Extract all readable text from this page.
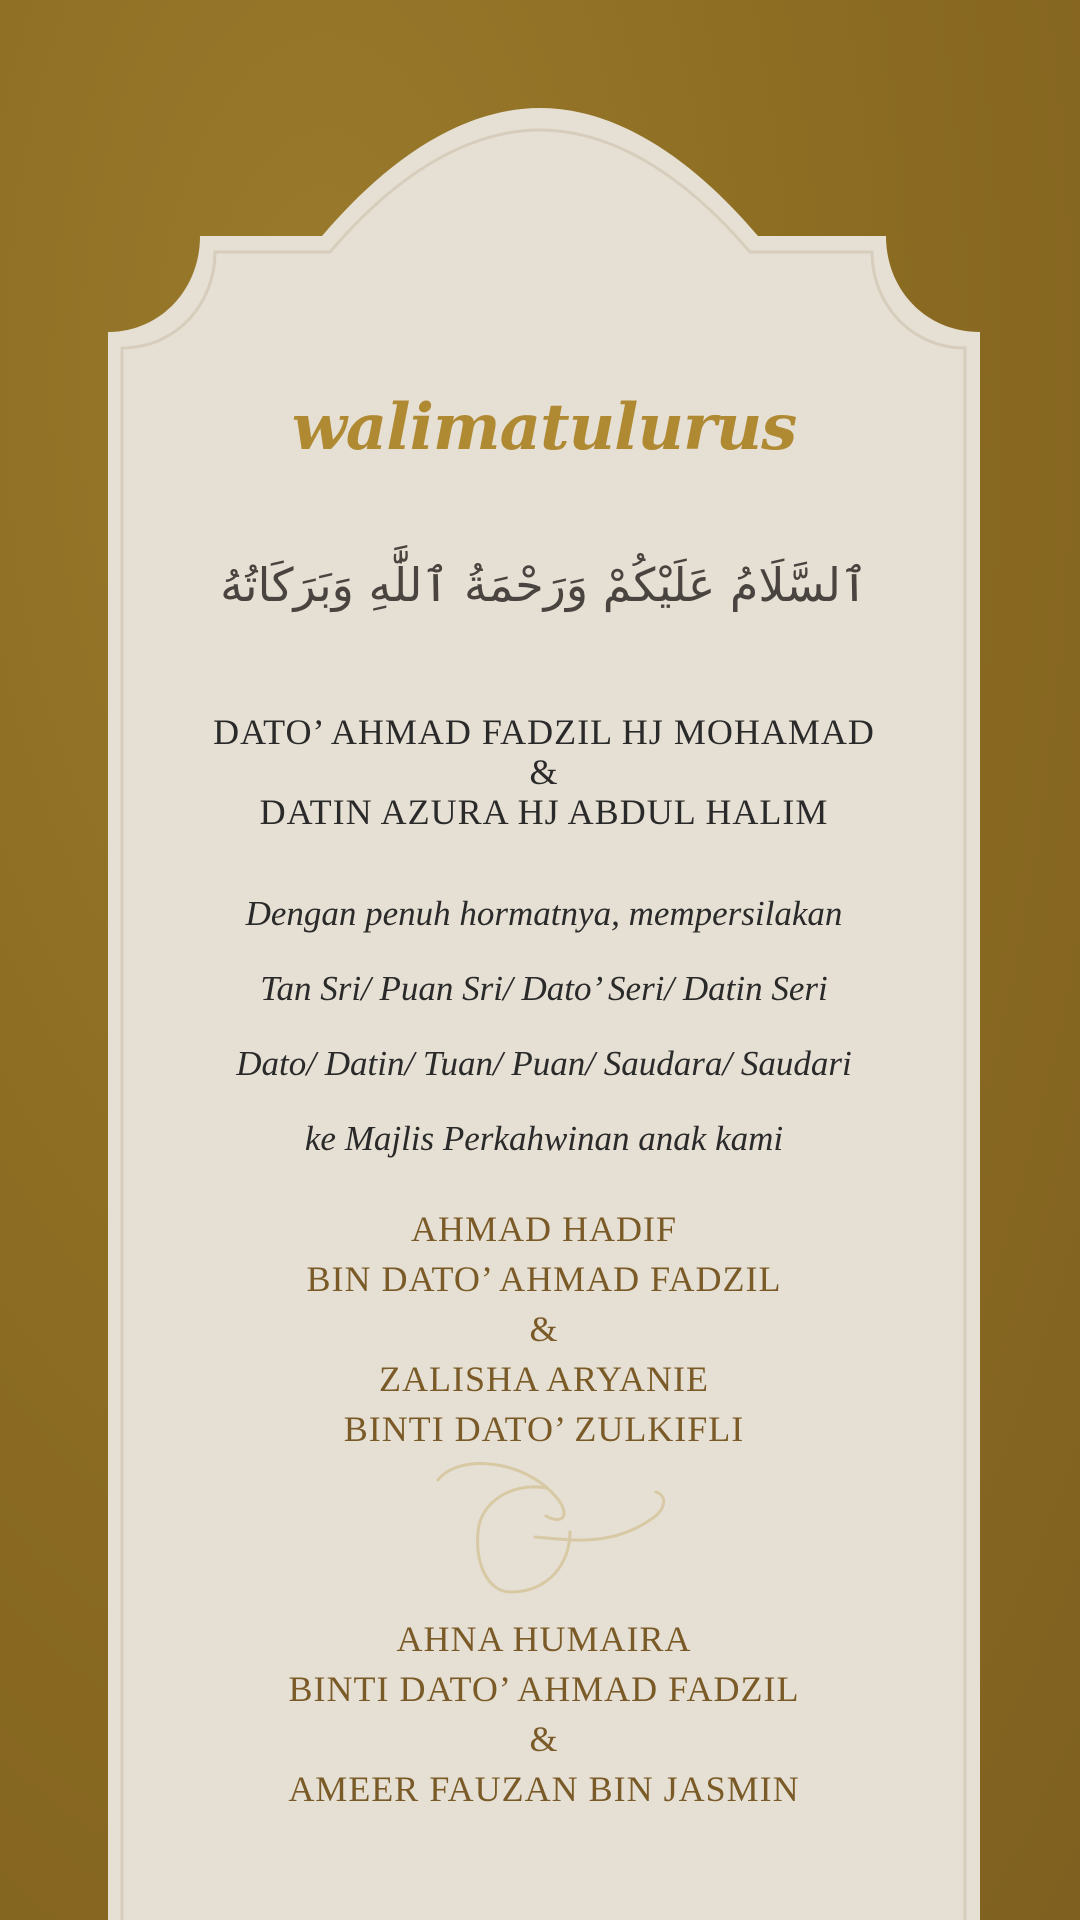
walimatulurus
ٱلسَّلَامُ عَلَيْكُمْ وَرَحْمَةُ ٱللَّٰهِ وَبَرَكَاتُهُ
DATO’ AHMAD FADZIL HJ MOHAMAD
&
DATIN AZURA HJ ABDUL HALIM
Dengan penuh hormatnya, mempersilakan
Tan Sri/ Puan Sri/ Dato’ Seri/ Datin Seri
Dato/ Datin/ Tuan/ Puan/ Saudara/ Saudari
ke Majlis Perkahwinan anak kami
AHMAD HADIF
BIN DATO’ AHMAD FADZIL
&
ZALISHA ARYANIE
BINTI DATO’ ZULKIFLI
AHNA HUMAIRA
BINTI DATO’ AHMAD FADZIL
&
AMEER FAUZAN BIN JASMIN
